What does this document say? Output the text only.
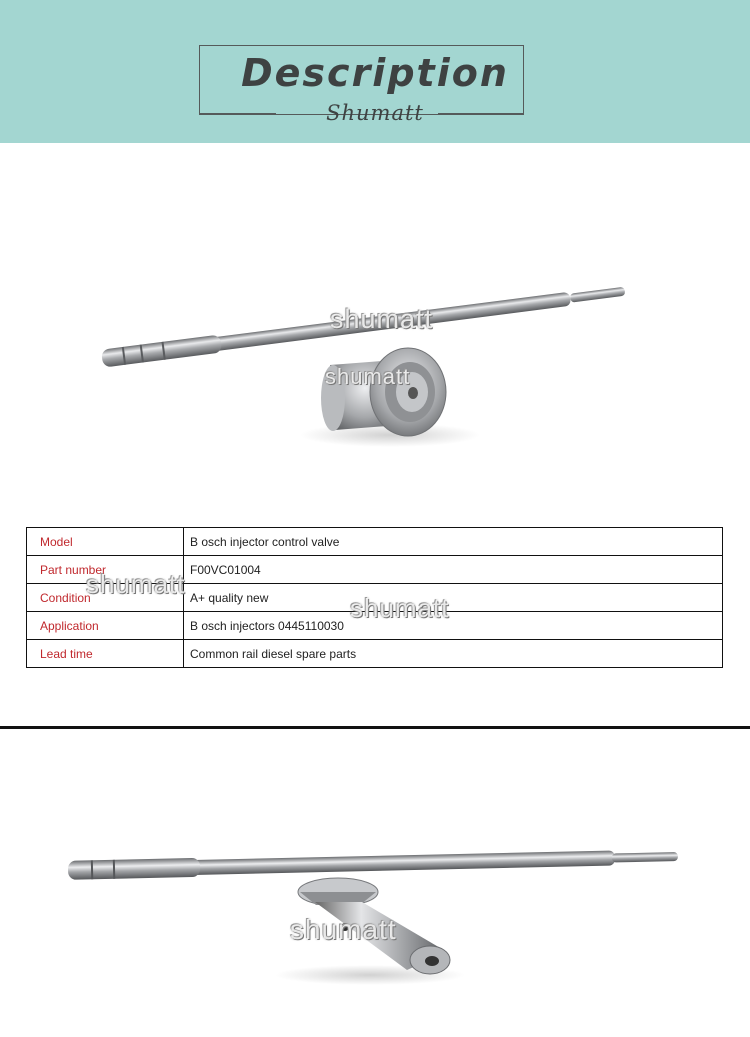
Description
Shumatt
shumatt
shumatt
Model	B osch injector control valve
Part number	F00VC01004
Condition	A+ quality new
Application	B osch injectors 0445110030
Lead time	Common rail diesel spare parts
shumatt
shumatt
shumatt
